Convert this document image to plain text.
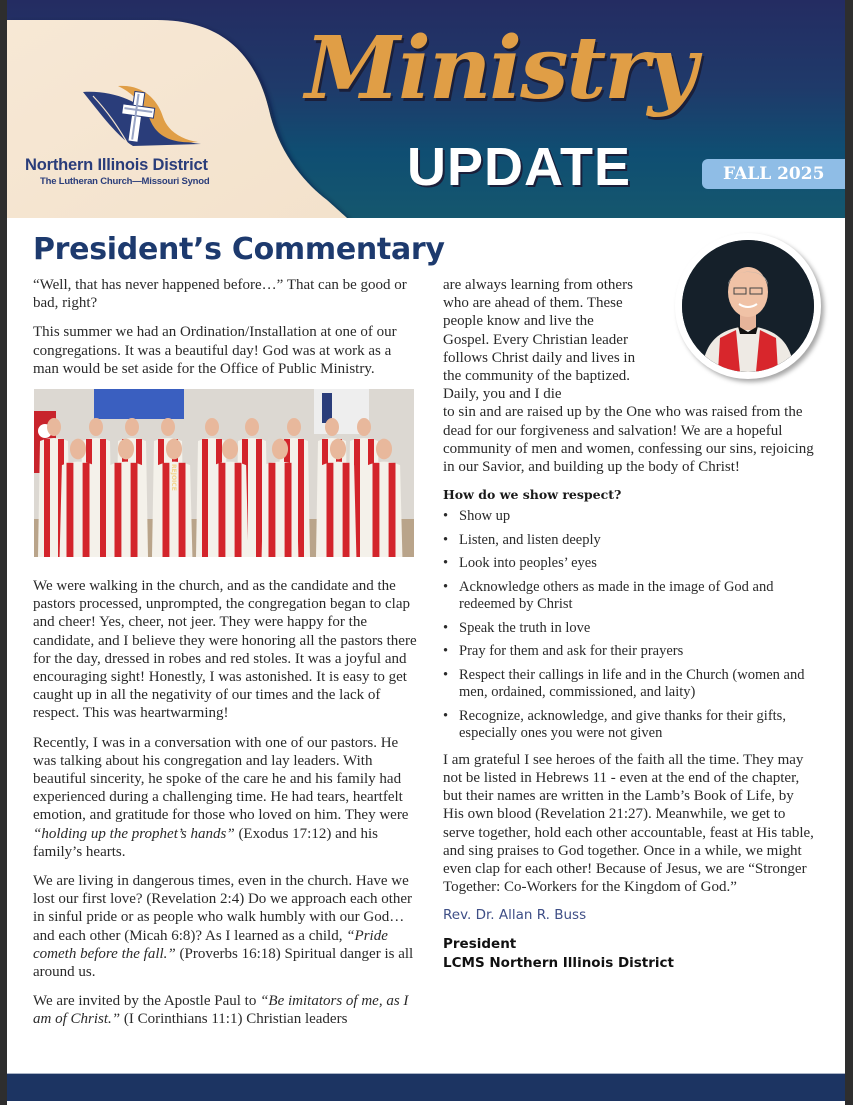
Northern Illinois District
The Lutheran Church—Missouri Synod
Ministry
UPDATE	FALL 2025
President’s Commentary

“Well, that has never happened before…” That can be good or bad, right?

This summer we had an Ordination/Installation at one of our congregations. It was a beautiful day! God was at work as a man would be set aside for the Office of Public Ministry.

REJOICE

We were walking in the church, and as the candidate and the pastors processed, unprompted, the congregation began to clap and cheer! Yes, cheer, not jeer. They were happy for the candidate, and I believe they were honoring all the pastors there for the day, dressed in robes and red stoles. It was a joyful and encouraging sight! Honestly, I was astonished. It is easy to get caught up in all the negativity of our times and the lack of respect. This was heartwarming!

Recently, I was in a conversation with one of our pastors. He was talking about his congregation and lay leaders. With beautiful sincerity, he spoke of the care he and his family had experienced during a challenging time. He had tears, heartfelt emotion, and gratitude for those who loved on him. They were “holding up the prophet’s hands” (Exodus 17:12) and his family’s hearts.

We are living in dangerous times, even in the church. Have we lost our first love? (Revelation 2:4) Do we approach each other in sinful pride or as people who walk humbly with our God… and each other (Micah 6:8)? As I learned as a child, “Pride cometh before the fall.” (Proverbs 16:18) Spiritual danger is all around us.

We are invited by the Apostle Paul to “Be imitators of me, as I am of Christ.” (I Corinthians 11:1) Christian leaders

are always learning from others who are ahead of them. These people know and live the Gospel. Every Christian leader follows Christ daily and lives in the community of the baptized. Daily, you and I die

to sin and are raised up by the One who was raised from the dead for our forgiveness and salvation! We are a hopeful community of men and women, confessing our sins, rejoicing in our Savior, and building up the body of Christ!

How do we show respect?
• Show up
• Listen, and listen deeply
• Look into peoples’ eyes
• Acknowledge others as made in the image of God and redeemed by Christ
• Speak the truth in love
• Pray for them and ask for their prayers
• Respect their callings in life and in the Church (women and men, ordained, commissioned, and laity)
• Recognize, acknowledge, and give thanks for their gifts, especially ones you were not given

I am grateful I see heroes of the faith all the time. They may not be listed in Hebrews 11 - even at the end of the chapter, but their names are written in the Lamb’s Book of Life, by His own blood (Revelation 21:27). Meanwhile, we get to serve together, hold each other accountable, feast at His table, and sing praises to God together. Once in a while, we might even clap for each other! Because of Jesus, we are “Stronger Together: Co-Workers for the Kingdom of God.”

Rev. Dr. Allan R. Buss
President
LCMS Northern Illinois District
